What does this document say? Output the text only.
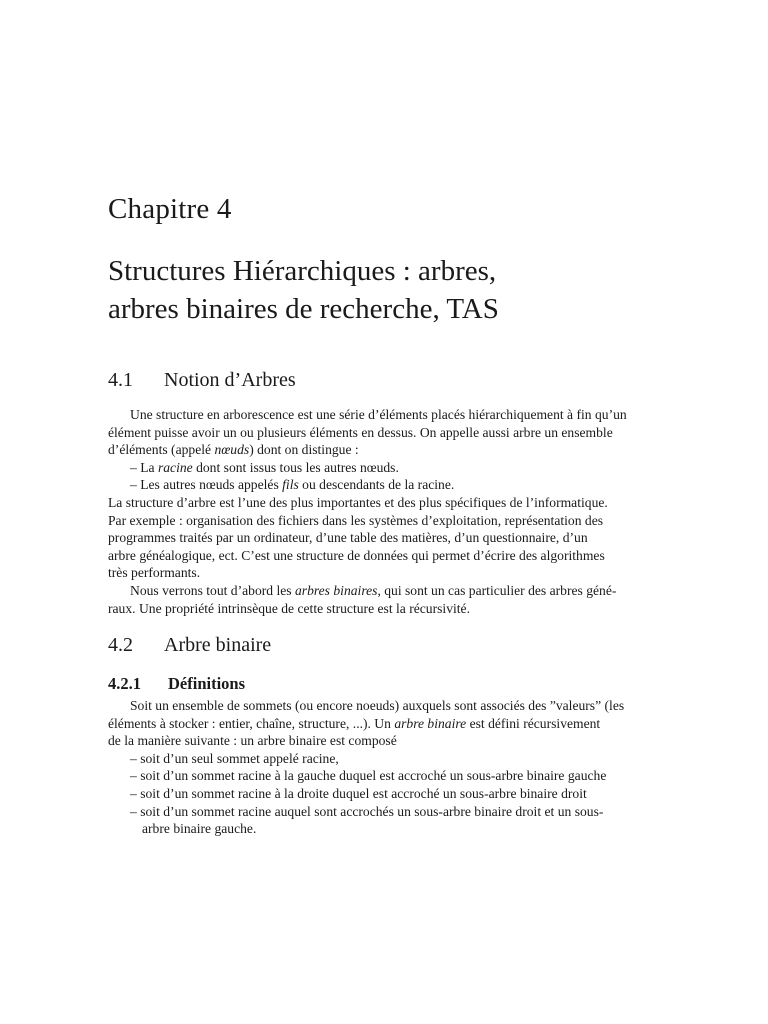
Chapitre 4
Structures Hiérarchiques : arbres,
arbres binaires de recherche, TAS
4.1 Notion d’Arbres
Une structure en arborescence est une série d’éléments placés hiérarchiquement à fin qu’un
élément puisse avoir un ou plusieurs éléments en dessus. On appelle aussi arbre un ensemble
d’éléments (appelé nœuds) dont on distingue :
– La racine dont sont issus tous les autres nœuds.
– Les autres nœuds appelés fils ou descendants de la racine.
La structure d’arbre est l’une des plus importantes et des plus spécifiques de l’informatique.
Par exemple : organisation des fichiers dans les systèmes d’exploitation, représentation des
programmes traités par un ordinateur, d’une table des matières, d’un questionnaire, d’un
arbre généalogique, ect. C’est une structure de données qui permet d’écrire des algorithmes
très performants.
Nous verrons tout d’abord les arbres binaires, qui sont un cas particulier des arbres géné-
raux. Une propriété intrinsèque de cette structure est la récursivité.
4.2 Arbre binaire
4.2.1 Définitions
Soit un ensemble de sommets (ou encore noeuds) auxquels sont associés des ”valeurs” (les
éléments à stocker : entier, chaîne, structure, ...). Un arbre binaire est défini récursivement
de la manière suivante : un arbre binaire est composé
– soit d’un seul sommet appelé racine,
– soit d’un sommet racine à la gauche duquel est accroché un sous-arbre binaire gauche
– soit d’un sommet racine à la droite duquel est accroché un sous-arbre binaire droit
– soit d’un sommet racine auquel sont accrochés un sous-arbre binaire droit et un sous-
arbre binaire gauche.
